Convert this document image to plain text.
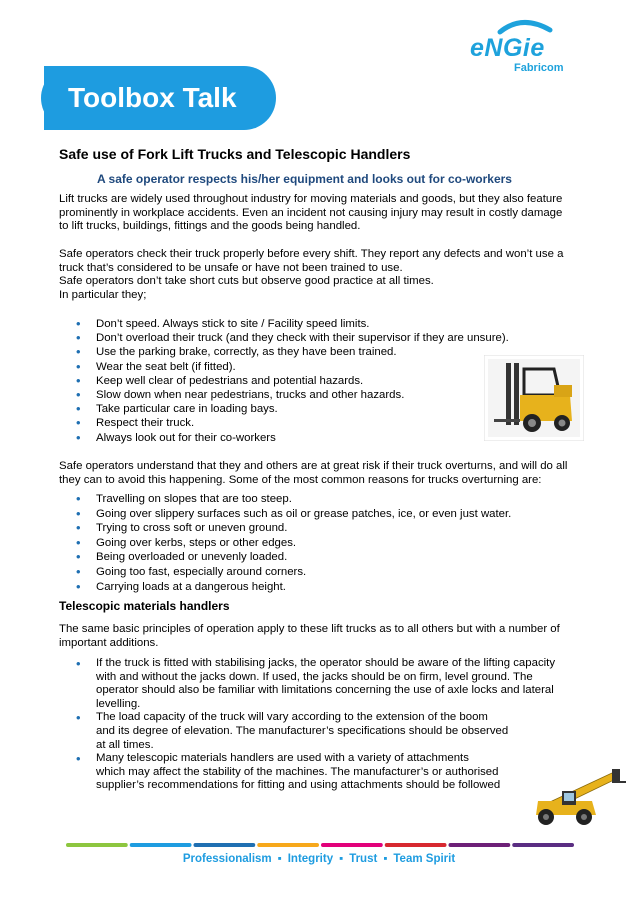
eNGie
Fabricom
Toolbox Talk
Safe use of Fork Lift Trucks and Telescopic Handlers
A safe operator respects his/her equipment and looks out for co-workers
Lift trucks are widely used throughout industry for moving materials and goods, but they also feature
prominently in workplace accidents. Even an incident not causing injury may result in costly damage
to lift trucks, buildings, fittings and the goods being handled.
Safe operators check their truck properly before every shift. They report any defects and won’t use a
truck that’s considered to be unsafe or have not been trained to use.
Safe operators don’t take short cuts but observe good practice at all times.
In particular they;
• Don’t speed. Always stick to site / Facility speed limits.
• Don’t overload their truck (and they check with their supervisor if they are unsure).
• Use the parking brake, correctly, as they have been trained.
• Wear the seat belt (if fitted).
• Keep well clear of pedestrians and potential hazards.
• Slow down when near pedestrians, trucks and other hazards.
• Take particular care in loading bays.
• Respect their truck.
• Always look out for their co-workers
Safe operators understand that they and others are at great risk if their truck overturns, and will do all
they can to avoid this happening. Some of the most common reasons for trucks overturning are:
• Travelling on slopes that are too steep.
• Going over slippery surfaces such as oil or grease patches, ice, or even just water.
• Trying to cross soft or uneven ground.
• Going over kerbs, steps or other edges.
• Being overloaded or unevenly loaded.
• Going too fast, especially around corners.
• Carrying loads at a dangerous height.
Telescopic materials handlers
The same basic principles of operation apply to these lift trucks as to all others but with a number of
important additions.
• If the truck is fitted with stabilising jacks, the operator should be aware of the lifting capacity
with and without the jacks down. If used, the jacks should be on firm, level ground. The
operator should also be familiar with limitations concerning the use of axle locks and lateral
levelling.
• The load capacity of the truck will vary according to the extension of the boom
and its degree of elevation. The manufacturer’s specifications should be observed
at all times.
• Many telescopic materials handlers are used with a variety of attachments
which may affect the stability of the machines. The manufacturer’s or authorised
supplier’s recommendations for fitting and using attachments should be followed
Professionalism ▪ Integrity ▪ Trust ▪ Team Spirit
